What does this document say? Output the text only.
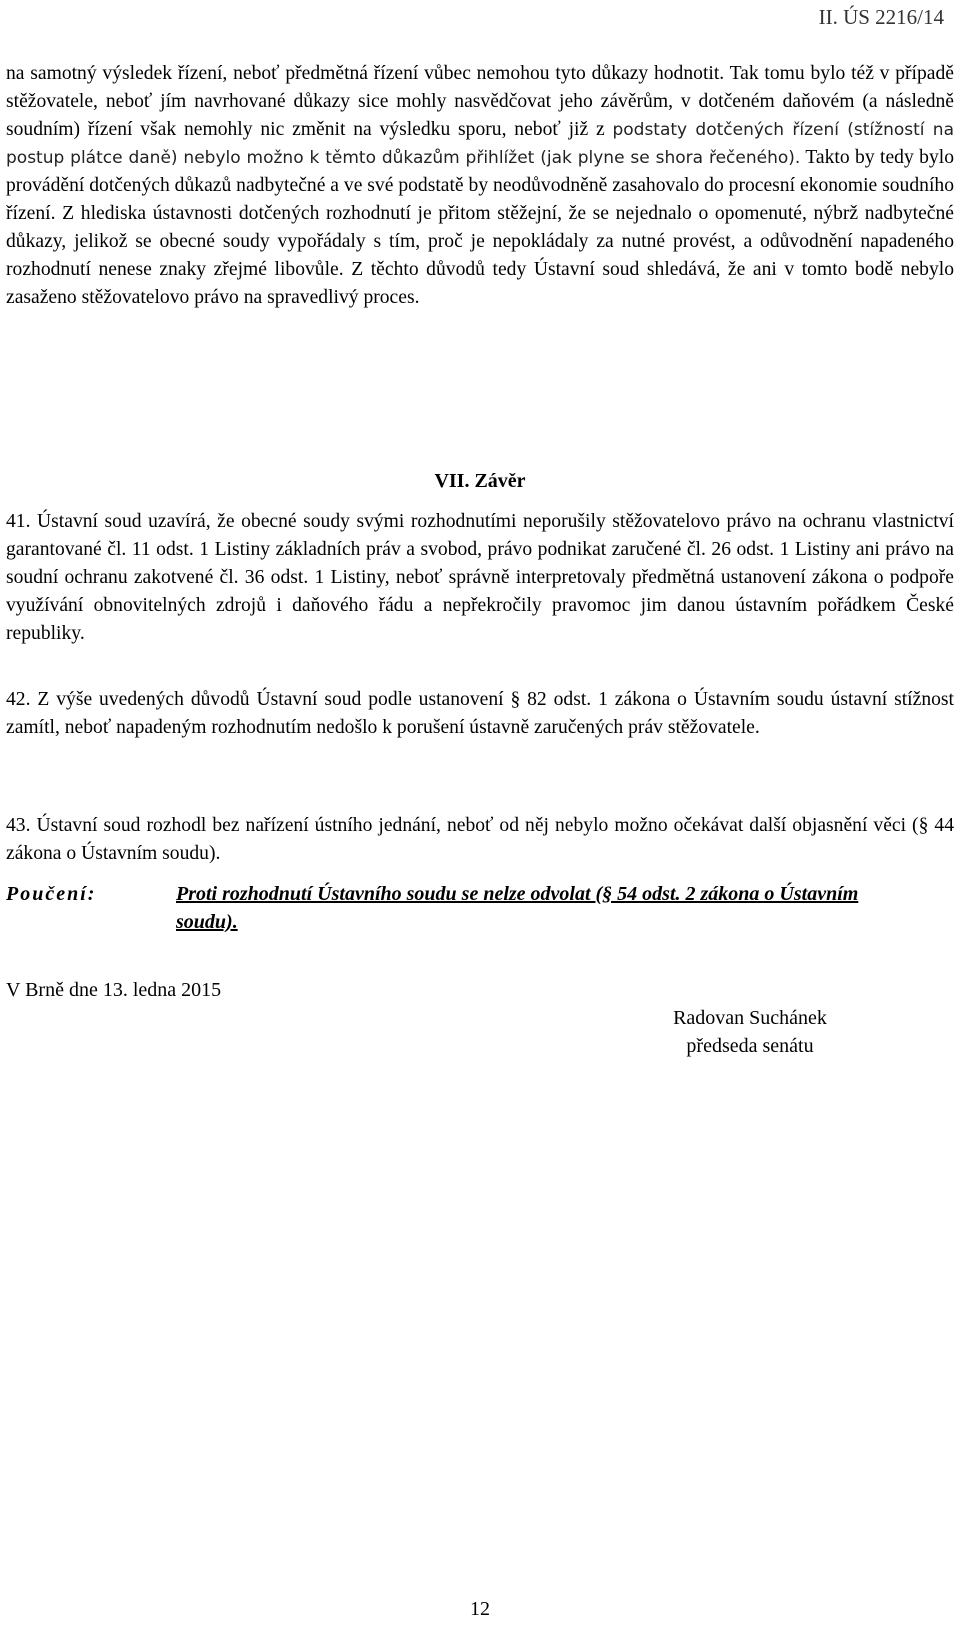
II. ÚS 2216/14

na samotný výsledek řízení, neboť předmětná řízení vůbec nemohou tyto důkazy hodnotit. Tak tomu bylo též v případě stěžovatele, neboť jím navrhované důkazy sice mohly nasvědčovat jeho závěrům, v dotčeném daňovém (a následně soudním) řízení však nemohly nic změnit na výsledku sporu, neboť již z podstaty dotčených řízení (stížností na postup plátce daně) nebylo možno k těmto důkazům přihlížet (jak plyne se shora řečeného). Takto by tedy bylo provádění dotčených důkazů nadbytečné a ve své podstatě by neodůvodněně zasahovalo do procesní ekonomie soudního řízení. Z hlediska ústavnosti dotčených rozhodnutí je přitom stěžejní, že se nejednalo o opomenuté, nýbrž nadbytečné důkazy, jelikož se obecné soudy vypořádaly s tím, proč je nepokládaly za nutné provést, a odůvodnění napadeného rozhodnutí nenese znaky zřejmé libovůle. Z těchto důvodů tedy Ústavní soud shledává, že ani v tomto bodě nebylo zasaženo stěžovatelovo právo na spravedlivý proces.

VII. Závěr

41. Ústavní soud uzavírá, že obecné soudy svými rozhodnutími neporušily stěžovatelovo právo na ochranu vlastnictví garantované čl. 11 odst. 1 Listiny základních práv a svobod, právo podnikat zaručené čl. 26 odst. 1 Listiny ani právo na soudní ochranu zakotvené čl. 36 odst. 1 Listiny, neboť správně interpretovaly předmětná ustanovení zákona o podpoře využívání obnovitelných zdrojů i daňového řádu a nepřekročily pravomoc jim danou ústavním pořádkem České republiky.

42. Z výše uvedených důvodů Ústavní soud podle ustanovení § 82 odst. 1 zákona o Ústavním soudu ústavní stížnost zamítl, neboť napadeným rozhodnutím nedošlo k porušení ústavně zaručených práv stěžovatele.

43. Ústavní soud rozhodl bez nařízení ústního jednání, neboť od něj nebylo možno očekávat další objasnění věci (§ 44 zákona o Ústavním soudu).

Poučení:	Proti rozhodnutí Ústavního soudu se nelze odvolat (§ 54 odst. 2 zákona o Ústavním soudu).

V Brně dne 13. ledna 2015
Radovan Suchánek
předseda senátu
12
